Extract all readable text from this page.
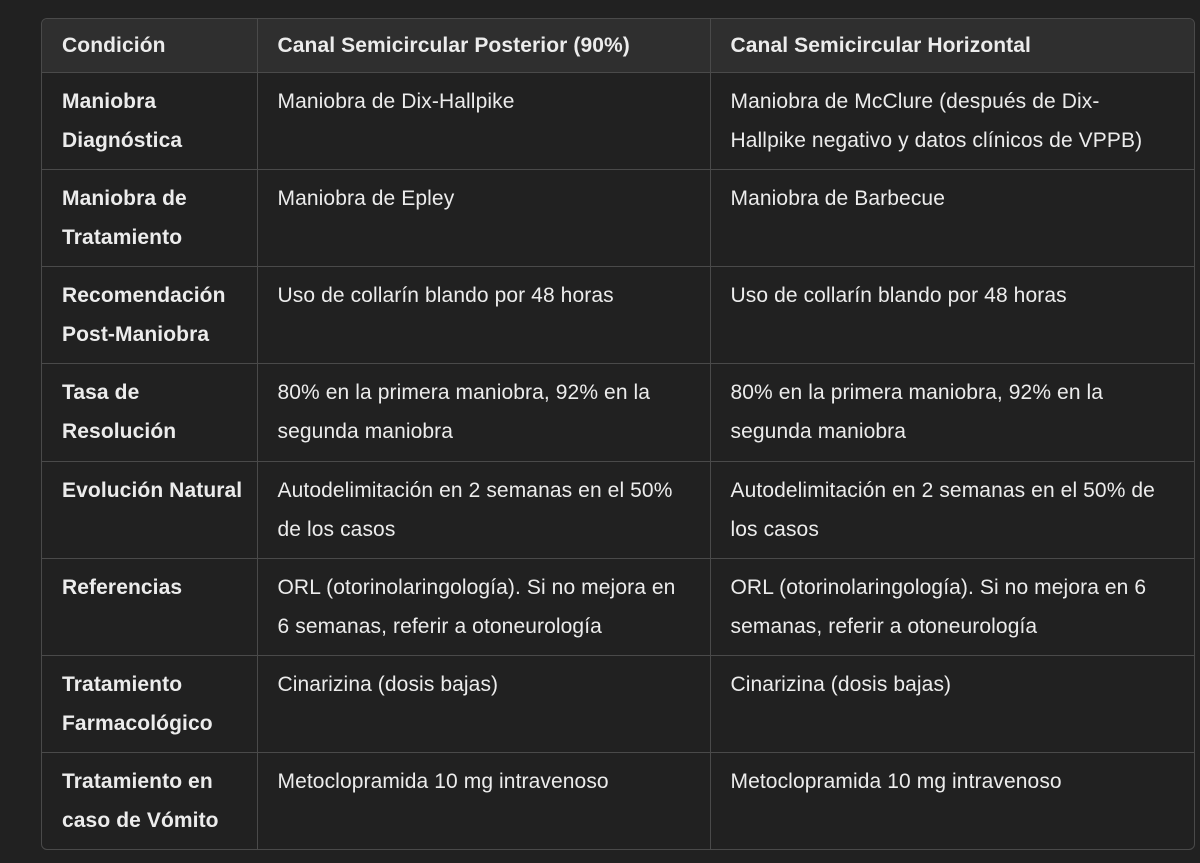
Condición	Canal Semicircular Posterior (90%)	Canal Semicircular Horizontal
Maniobra Diagnóstica	Maniobra de Dix-Hallpike	Maniobra de McClure (después de Dix-Hallpike negativo y datos clínicos de VPPB)
Maniobra de Tratamiento	Maniobra de Epley	Maniobra de Barbecue
Recomendación Post-Maniobra	Uso de collarín blando por 48 horas	Uso de collarín blando por 48 horas
Tasa de Resolución	80% en la primera maniobra, 92% en la segunda maniobra	80% en la primera maniobra, 92% en la segunda maniobra
Evolución Natural	Autodelimitación en 2 semanas en el 50% de los casos	Autodelimitación en 2 semanas en el 50% de los casos
Referencias	ORL (otorinolaringología). Si no mejora en 6 semanas, referir a otoneurología	ORL (otorinolaringología). Si no mejora en 6 semanas, referir a otoneurología
Tratamiento Farmacológico	Cinarizina (dosis bajas)	Cinarizina (dosis bajas)
Tratamiento en caso de Vómito	Metoclopramida 10 mg intravenoso	Metoclopramida 10 mg intravenoso
